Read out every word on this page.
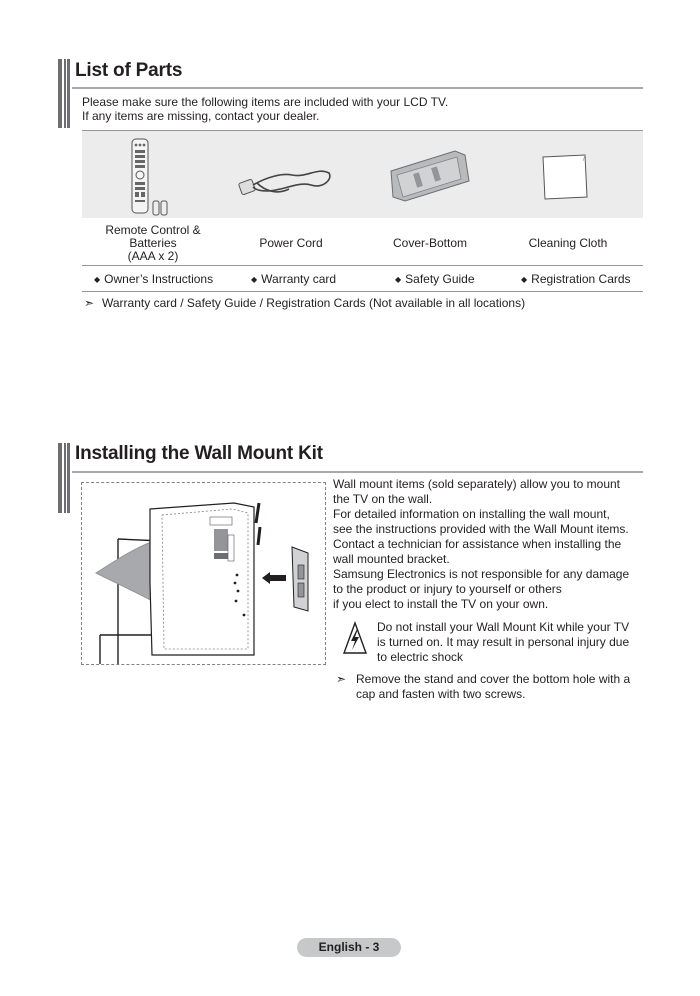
List of Parts
Please make sure the following items are included with your LCD TV.
If any items are missing, contact your dealer.
Remote Control &
Batteries
(AAA x 2)
Power Cord	Cover-Bottom	Cleaning Cloth
◆ Owner’s Instructions	◆ Warranty card	◆ Safety Guide	◆ Registration Cards
➣ Warranty card / Safety Guide / Registration Cards (Not available in all locations)
Installing the Wall Mount Kit
Wall mount items (sold separately) allow you to mount
the TV on the wall.
For detailed information on installing the wall mount,
see the instructions provided with the Wall Mount items.
Contact a technician for assistance when installing the
wall mounted bracket.
Samsung Electronics is not responsible for any damage
to the product or injury to yourself or others
if you elect to install the TV on your own.
Do not install your Wall Mount Kit while your TV
is turned on. It may result in personal injury due
to electric shock
➣ Remove the stand and cover the bottom hole with a
cap and fasten with two screws.
English - 3
